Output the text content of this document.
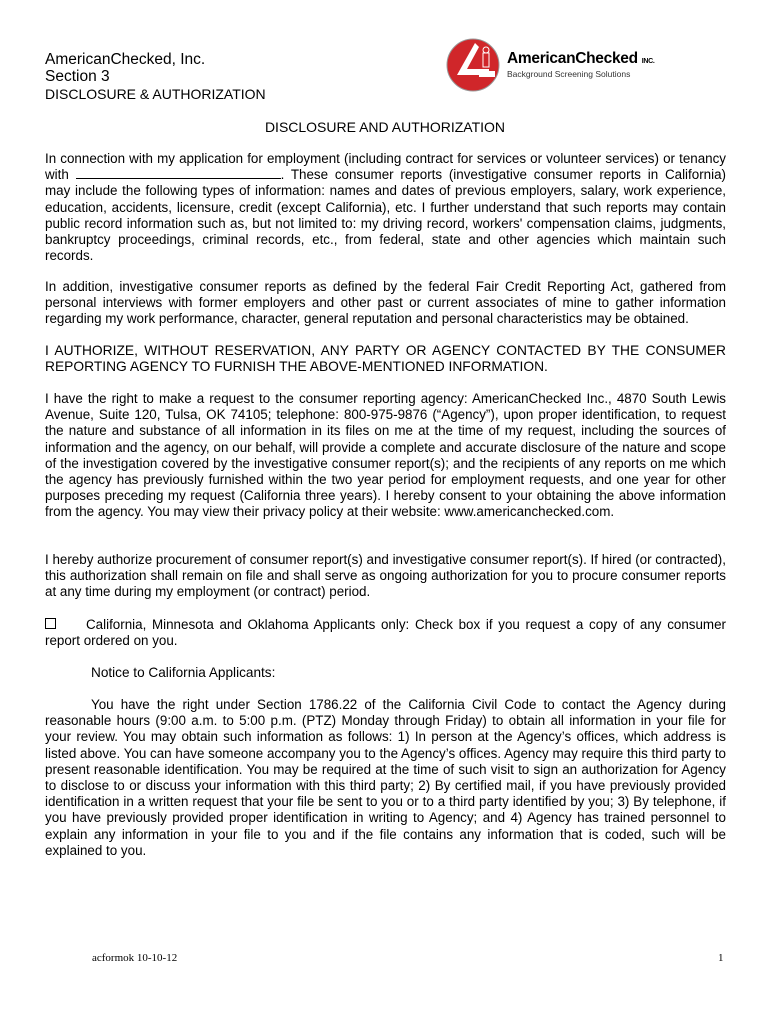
AmericanChecked, Inc.
Section 3
DISCLOSURE & AUTHORIZATION
AmericanChecked INC.
Background Screening Solutions
DISCLOSURE AND AUTHORIZATION
In connection with my application for employment (including contract for services or volunteer services) or tenancy with	. These consumer reports (investigative consumer reports in California) may include the following types of information: names and dates of previous employers, salary, work experience, education, accidents, licensure, credit (except California), etc. I further understand that such reports may contain public record information such as, but not limited to: my driving record, workers' compensation claims, judgments, bankruptcy proceedings, criminal records, etc., from federal, state and other agencies which maintain such records.
In addition, investigative consumer reports as defined by the federal Fair Credit Reporting Act, gathered from personal interviews with former employers and other past or current associates of mine to gather information regarding my work performance, character, general reputation and personal characteristics may be obtained.
I AUTHORIZE, WITHOUT RESERVATION, ANY PARTY OR AGENCY CONTACTED BY THE CONSUMER REPORTING AGENCY TO FURNISH THE ABOVE-MENTIONED INFORMATION.
I have the right to make a request to the consumer reporting agency: AmericanChecked Inc., 4870 South Lewis Avenue, Suite 120, Tulsa, OK 74105; telephone: 800-975-9876 (“Agency”), upon proper identification, to request the nature and substance of all information in its files on me at the time of my request, including the sources of information and the agency, on our behalf, will provide a complete and accurate disclosure of the nature and scope of the investigation covered by the investigative consumer report(s); and the recipients of any reports on me which the agency has previously furnished within the two year period for employment requests, and one year for other purposes preceding my request (California three years). I hereby consent to your obtaining the above information from the agency. You may view their privacy policy at their website: www.americanchecked.com.
I hereby authorize procurement of consumer report(s) and investigative consumer report(s). If hired (or contracted), this authorization shall remain on file and shall serve as ongoing authorization for you to procure consumer reports at any time during my employment (or contract) period.
California, Minnesota and Oklahoma Applicants only: Check box if you request a copy of any consumer report ordered on you.
Notice to California Applicants:
You have the right under Section 1786.22 of the California Civil Code to contact the Agency during reasonable hours (9:00 a.m. to 5:00 p.m. (PTZ) Monday through Friday) to obtain all information in your file for your review. You may obtain such information as follows: 1) In person at the Agency’s offices, which address is listed above. You can have someone accompany you to the Agency’s offices. Agency may require this third party to present reasonable identification. You may be required at the time of such visit to sign an authorization for Agency to disclose to or discuss your information with this third party; 2) By certified mail, if you have previously provided identification in a written request that your file be sent to you or to a third party identified by you; 3) By telephone, if you have previously provided proper identification in writing to Agency; and 4) Agency has trained personnel to explain any information in your file to you and if the file contains any information that is coded, such will be explained to you.
acformok 10-10-12	1
